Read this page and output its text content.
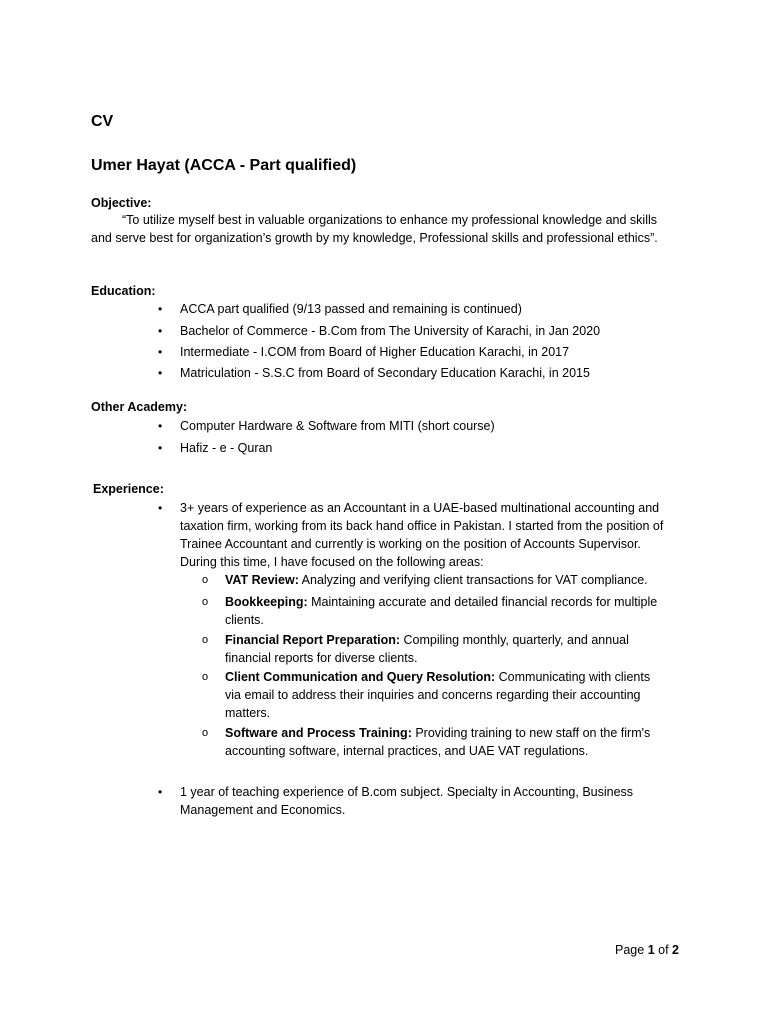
CV
Umer Hayat (ACCA - Part qualified)
Objective:
“To utilize myself best in valuable organizations to enhance my professional knowledge and skills and serve best for organization’s growth by my knowledge, Professional skills and professional ethics”.
Education:
•	ACCA part qualified (9/13 passed and remaining is continued)
•	Bachelor of Commerce - B.Com from The University of Karachi, in Jan 2020
•	Intermediate - I.COM from Board of Higher Education Karachi, in 2017
•	Matriculation - S.S.C from Board of Secondary Education Karachi, in 2015
Other Academy:
•	Computer Hardware & Software from MITI (short course)
•	Hafiz - e - Quran
Experience:
•	3+ years of experience as an Accountant in a UAE-based multinational accounting and taxation firm, working from its back hand office in Pakistan. I started from the position of Trainee Accountant and currently is working on the position of Accounts Supervisor. During this time, I have focused on the following areas:
o	VAT Review: Analyzing and verifying client transactions for VAT compliance.
o	Bookkeeping: Maintaining accurate and detailed financial records for multiple clients.
o	Financial Report Preparation: Compiling monthly, quarterly, and annual financial reports for diverse clients.
o	Client Communication and Query Resolution: Communicating with clients via email to address their inquiries and concerns regarding their accounting matters.
o	Software and Process Training: Providing training to new staff on the firm's accounting software, internal practices, and UAE VAT regulations.
•	1 year of teaching experience of B.com subject. Specialty in Accounting, Business Management and Economics.
Page 1 of 2
